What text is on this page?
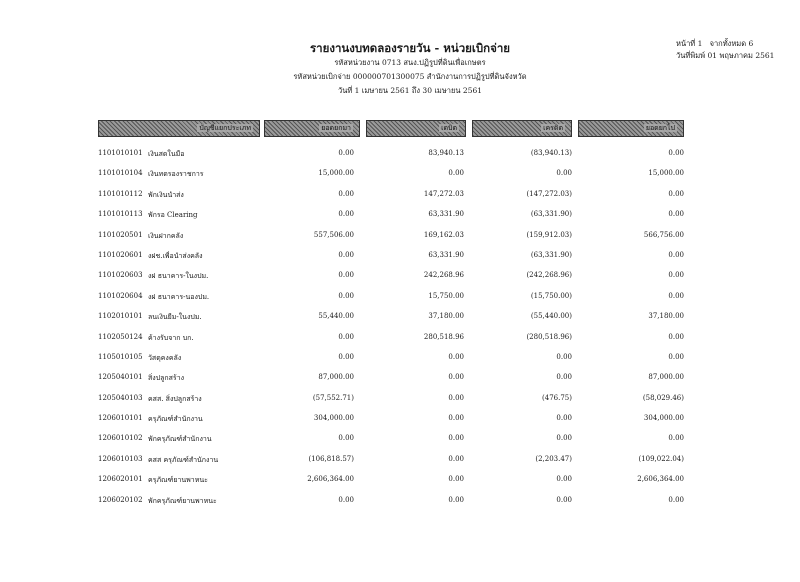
หน้าที่ 1 จากทั้งหมด 6
วันที่พิมพ์ 01 พฤษภาคม 2561
รายงานงบทดลองรายวัน - หน่วยเบิกจ่าย
รหัสหน่วยงาน 0713 สนง.ปฏิรูปที่ดินเพื่อเกษตร
รหัสหน่วยเบิกจ่าย 000000701300075 สำนักงานการปฏิรูปที่ดินจังหวัด
วันที่ 1 เมษายน 2561 ถึง 30 เมษายน 2561
บัญชีแยกประเภท	ยอดยกมา	เดบิต	เครดิต	ยอดยกไป
1101010101 เงินสดในมือ	0.00	83,940.13	(83,940.13)	0.00
1101010104 เงินทดรองราชการ	15,000.00	0.00	0.00	15,000.00
1101010112 พักเงินนำส่ง	0.00	147,272.03	(147,272.03)	0.00
1101010113 พักรอ Clearing	0.00	63,331.90	(63,331.90)	0.00
1101020501 เงินฝากคลัง	557,506.00	169,162.03	(159,912.03)	566,756.00
1101020601 งฝช.เพื่อนำส่งคลัง	0.00	63,331.90	(63,331.90)	0.00
1101020603 งฝ ธนาคาร-ในงปม.	0.00	242,268.96	(242,268.96)	0.00
1101020604 งฝ ธนาคาร-นองปม.	0.00	15,750.00	(15,750.00)	0.00
1102010101 ลนเงินยืม-ในงปม.	55,440.00	37,180.00	(55,440.00)	37,180.00
1102050124 ค้างรับจาก บก.	0.00	280,518.96	(280,518.96)	0.00
1105010105 วัสดุคงคลัง	0.00	0.00	0.00	0.00
1205040101 สิ่งปลูกสร้าง	87,000.00	0.00	0.00	87,000.00
1205040103 คสส. สิ่งปลูกสร้าง	(57,552.71)	0.00	(476.75)	(58,029.46)
1206010101 ครุภัณฑ์สำนักงาน	304,000.00	0.00	0.00	304,000.00
1206010102 พักครุภัณฑ์สำนักงาน	0.00	0.00	0.00	0.00
1206010103 คสส ครุภัณฑ์สำนักงาน	(106,818.57)	0.00	(2,203.47)	(109,022.04)
1206020101 ครุภัณฑ์ยานพาหนะ	2,606,364.00	0.00	0.00	2,606,364.00
1206020102 พักครุภัณฑ์ยานพาหนะ	0.00	0.00	0.00	0.00
